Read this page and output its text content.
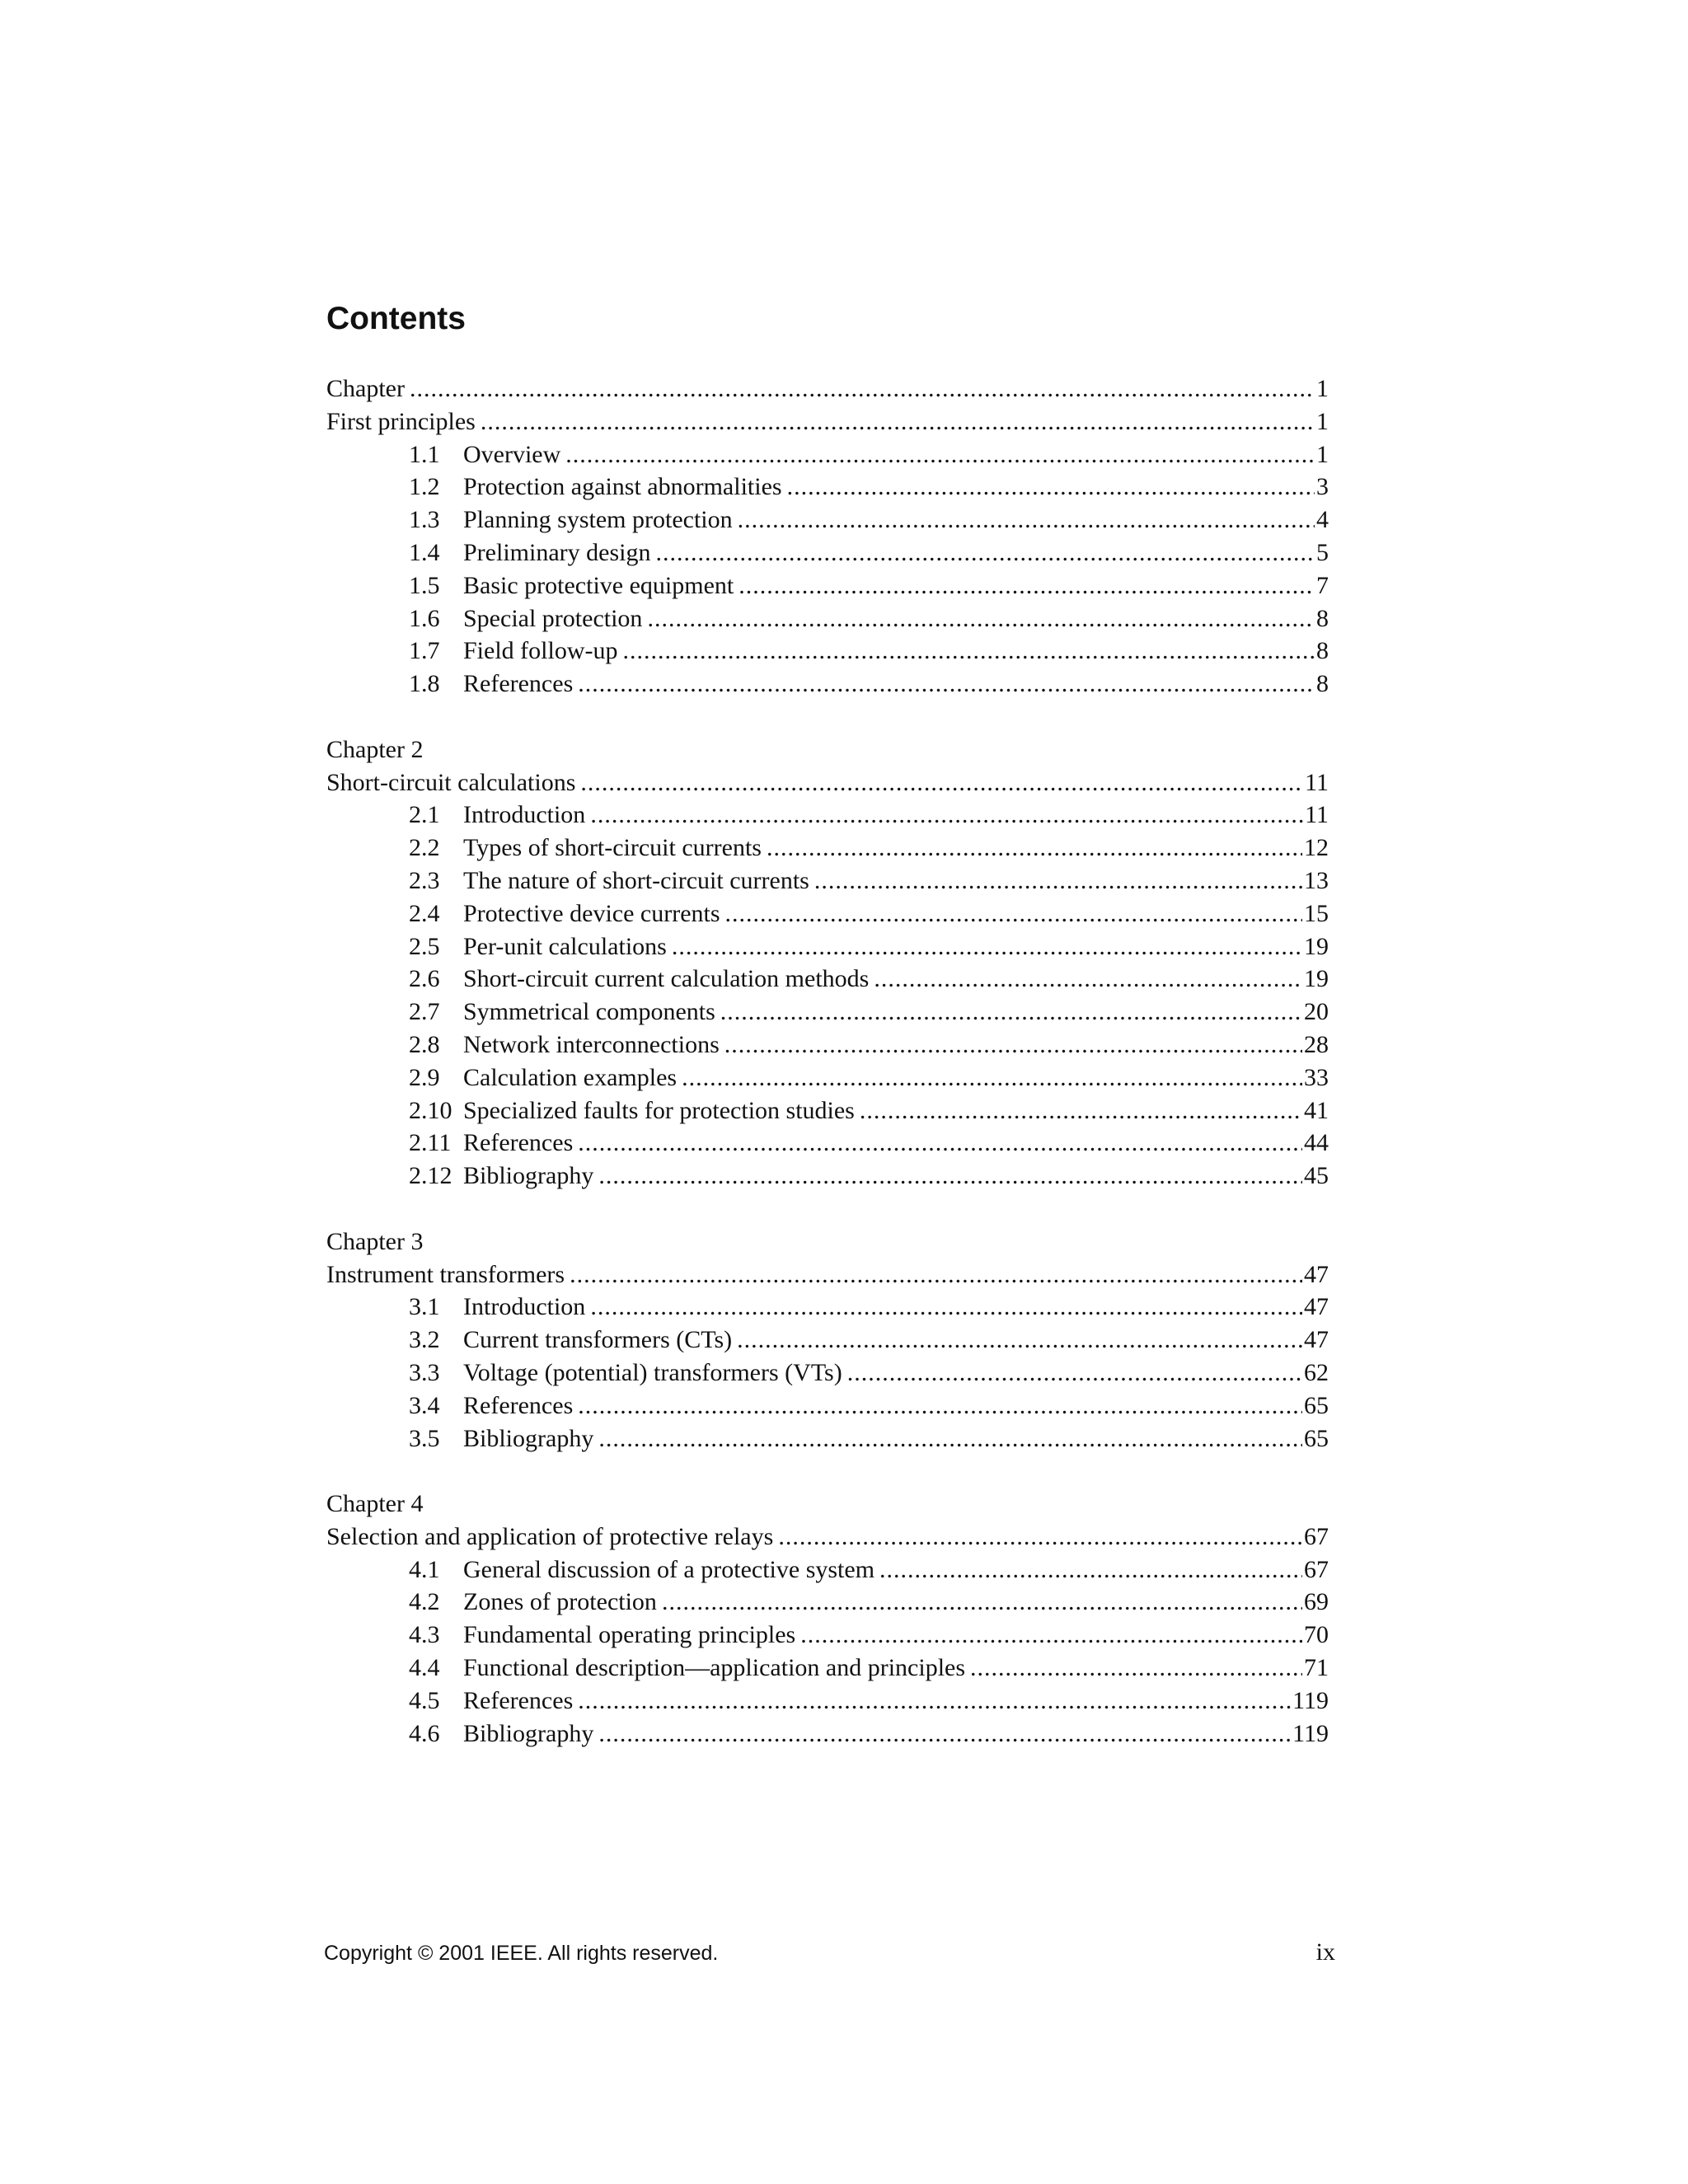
Contents
Chapter .....	1
First principles .....	1
1.1 Overview .....	1
1.2 Protection against abnormalities .....	3
1.3 Planning system protection .....	4
1.4 Preliminary design .....	5
1.5 Basic protective equipment .....	7
1.6 Special protection .....	8
1.7 Field follow-up .....	8
1.8 References .....	8
Chapter 2
Short-circuit calculations .....	11
2.1 Introduction .....	11
2.2 Types of short-circuit currents .....	12
2.3 The nature of short-circuit currents .....	13
2.4 Protective device currents .....	15
2.5 Per-unit calculations .....	19
2.6 Short-circuit current calculation methods .....	19
2.7 Symmetrical components .....	20
2.8 Network interconnections .....	28
2.9 Calculation examples .....	33
2.10 Specialized faults for protection studies .....	41
2.11 References .....	44
2.12 Bibliography .....	45
Chapter 3
Instrument transformers .....	47
3.1 Introduction .....	47
3.2 Current transformers (CTs) .....	47
3.3 Voltage (potential) transformers (VTs) .....	62
3.4 References .....	65
3.5 Bibliography .....	65
Chapter 4
Selection and application of protective relays .....	67
4.1 General discussion of a protective system .....	67
4.2 Zones of protection .....	69
4.3 Fundamental operating principles .....	70
4.4 Functional description—application and principles .....	71
4.5 References .....	119
4.6 Bibliography .....	119
Copyright © 2001 IEEE. All rights reserved.	ix
